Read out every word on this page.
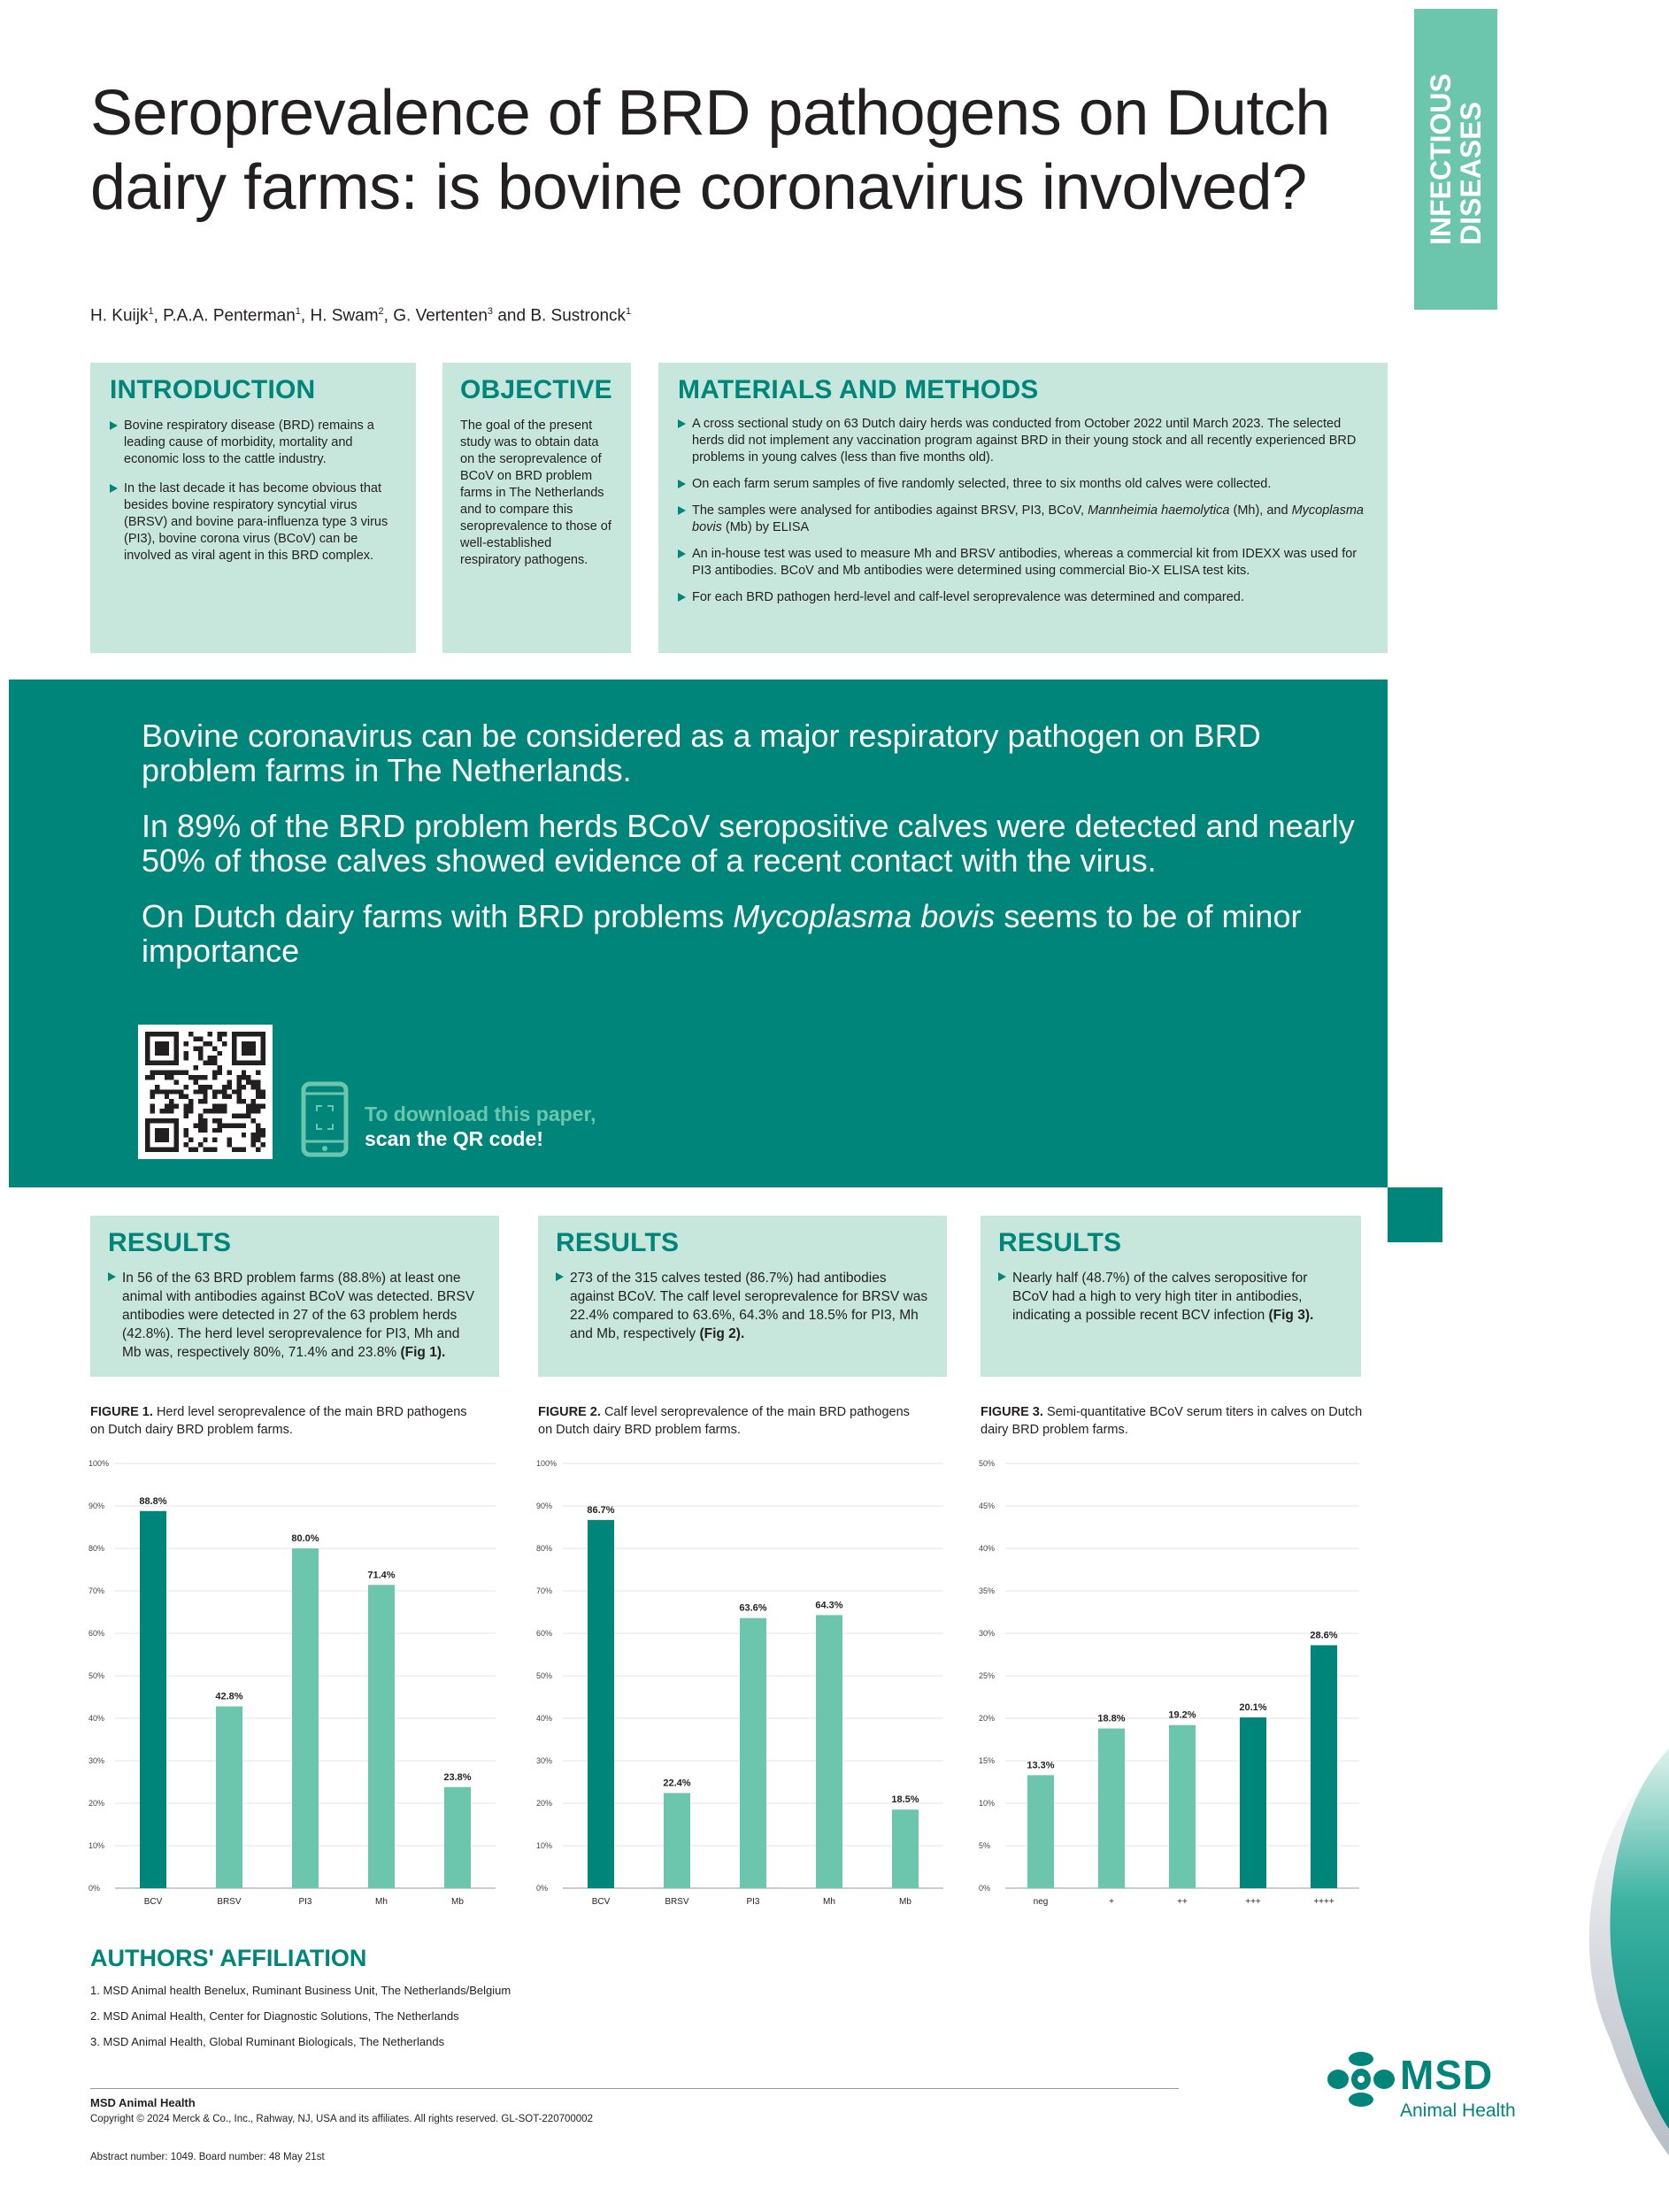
INFECTIOUS
DISEASES
Seroprevalence of BRD pathogens on Dutch dairy farms: is bovine coronavirus involved?
H. Kuijk$^1$, P.A.A. Penterman$^1$, H. Swam$^2$, G. Vertenten$^3$ and B. Sustronck$^1$
INTRODUCTION
Bovine respiratory disease (BRD) remains a leading cause of morbidity, mortality and economic loss to the cattle industry.
In the last decade it has become obvious that besides bovine respiratory syncytial virus (BRSV) and bovine para-influenza type 3 virus (PI3), bovine corona virus (BCoV) can be involved as viral agent in this BRD complex.
OBJECTIVE

The goal of the present study was to obtain data on the seroprevalence of BCoV on BRD problem farms in The Netherlands and to compare this seroprevalence to those of well-established respiratory pathogens.

MATERIALS AND METHODS
A cross sectional study on 63 Dutch dairy herds was conducted from October 2022 until March 2023. The selected herds did not implement any vaccination program against BRD in their young stock and all recently experienced BRD problems in young calves (less than five months old).
On each farm serum samples of five randomly selected, three to six months old calves were collected.
The samples were analysed for antibodies against BRSV, PI3, BCoV, Mannheimia haemolytica (Mh), and Mycoplasma bovis (Mb) by ELISA
An in-house test was used to measure Mh and BRSV antibodies, whereas a commercial kit from IDEXX was used for PI3 antibodies. BCoV and Mb antibodies were determined using commercial Bio-X ELISA test kits.
For each BRD pathogen herd-level and calf-level seroprevalence was determined and compared.

Bovine coronavirus can be considered as a major respiratory pathogen on BRD problem farms in The Netherlands.

In 89% of the BRD problem herds BCoV seropositive calves were detected and nearly 50% of those calves showed evidence of a recent contact with the virus.

On Dutch dairy farms with BRD problems Mycoplasma bovis seems to be of minor importance

To download this paper,
scan the QR code!
RESULTS
In 56 of the 63 BRD problem farms (88.8%) at least one animal with antibodies against BCoV was detected. BRSV antibodies were detected in 27 of the 63 problem herds (42.8%). The herd level seroprevalence for PI3, Mh and Mb was, respectively 80%, 71.4% and 23.8% (Fig 1).
RESULTS
273 of the 315 calves tested (86.7%) had antibodies against BCoV. The calf level seroprevalence for BRSV was 22.4% compared to 63.6%, 64.3% and 18.5% for PI3, Mh and Mb, respectively (Fig 2).
RESULTS
Nearly half (48.7%) of the calves seropositive for BCoV had a high to very high titer in antibodies, indicating a possible recent BCV infection (Fig 3).
FIGURE 1. Herd level seroprevalence of the main BRD pathogens on Dutch dairy BRD problem farms.
FIGURE 2. Calf level seroprevalence of the main BRD pathogens on Dutch dairy BRD problem farms.
FIGURE 3. Semi-quantitative BCoV serum titers in calves on Dutch dairy BRD problem farms.
0%
10%
20%
30%
40%
50%
60%
70%
80%
90%
100%
88.8%
BCV
42.8%
BRSV
80.0%
PI3
71.4%
Mh
23.8%
Mb
0%
10%
20%
30%
40%
50%
60%
70%
80%
90%
100%
86.7%
BCV
22.4%
BRSV
63.6%
PI3
64.3%
Mh
18.5%
Mb
0%
5%
10%
15%
20%
25%
30%
35%
40%
45%
50%
13.3%
neg
18.8%
+
19.2%
++
20.1%
+++
28.6%
++++
AUTHORS' AFFILIATION
1. MSD Animal health Benelux, Ruminant Business Unit, The Netherlands/Belgium
2. MSD Animal Health, Center for Diagnostic Solutions, The Netherlands
3. MSD Animal Health, Global Ruminant Biologicals, The Netherlands
MSD Animal Health
Copyright © 2024 Merck & Co., Inc., Rahway, NJ, USA and its affiliates. All rights reserved. GL-SOT-220700002
Abstract number: 1049. Board number: 48 May 21st
MSD
Animal Health
